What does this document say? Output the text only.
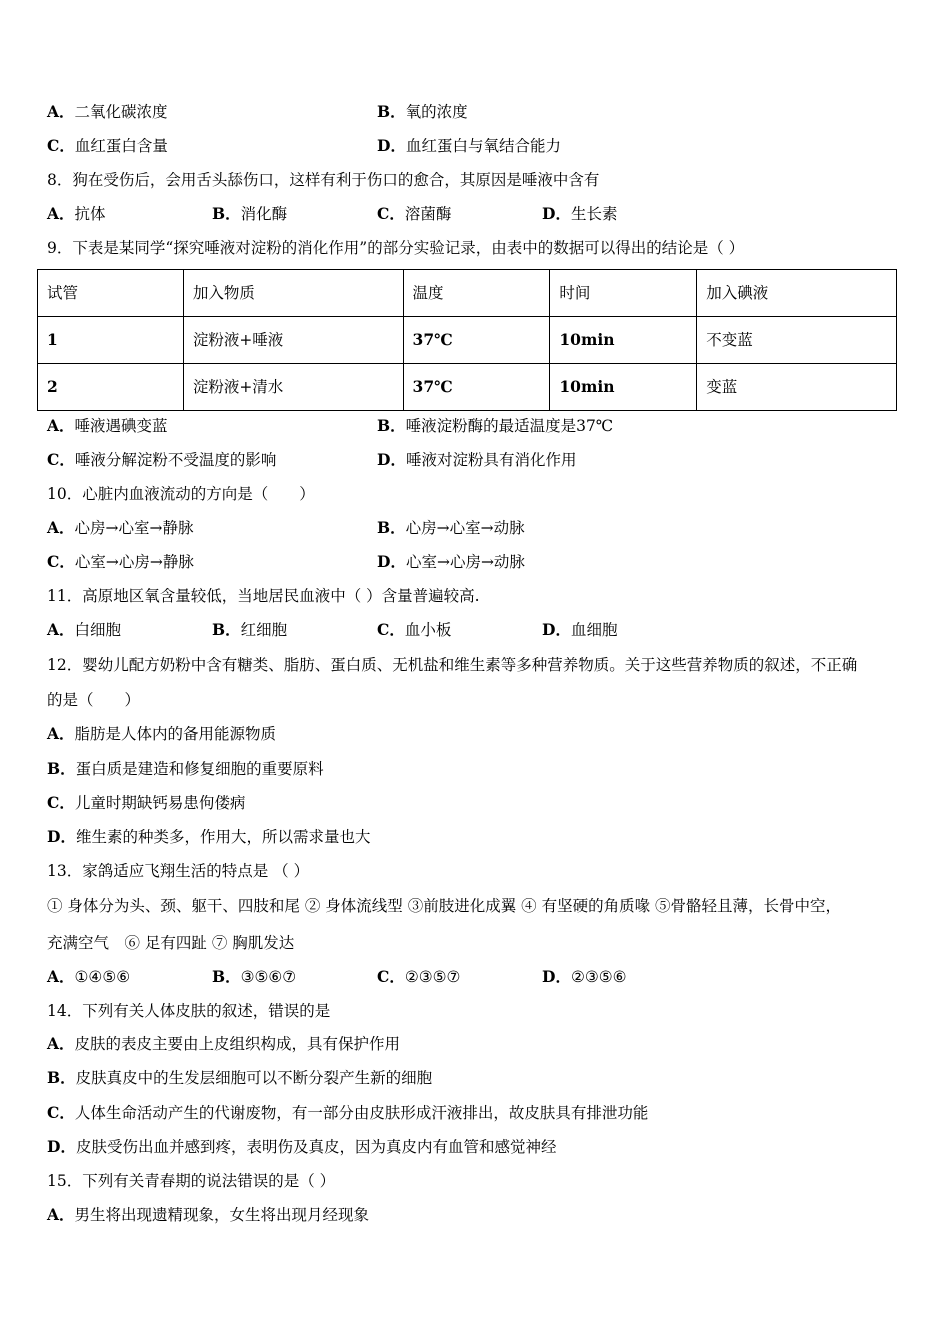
A．二氧化碳浓度	B．氧的浓度
C．血红蛋白含量	D．血红蛋白与氧结合能力
8．狗在受伤后，会用舌头舔伤口，这样有利于伤口的愈合，其原因是唾液中含有
A．抗体	B．消化酶	C．溶菌酶	D．生长素
9．下表是某同学“探究唾液对淀粉的消化作用”的部分实验记录，由表中的数据可以得出的结论是（ ）
试管	加入物质	温度	时间	加入碘液
1	淀粉液+唾液	37℃	10min	不变蓝
2	淀粉液+清水	37℃	10min	变蓝
A．唾液遇碘变蓝	B．唾液淀粉酶的最适温度是37℃
C．唾液分解淀粉不受温度的影响	D．唾液对淀粉具有消化作用
10．心脏内血液流动的方向是（　　）
A．心房→心室→静脉	B．心房→心室→动脉
C．心室→心房→静脉	D．心室→心房→动脉
11．高原地区氧含量较低，当地居民血液中（ ）含量普遍较高.
A．白细胞	B．红细胞	C．血小板	D．血细胞
12．婴幼儿配方奶粉中含有糖类、脂肪、蛋白质、无机盐和维生素等多种营养物质。关于这些营养物质的叙述，不正确
的是（　　）
A．脂肪是人体内的备用能源物质
B．蛋白质是建造和修复细胞的重要原料
C．儿童时期缺钙易患佝偻病
D．维生素的种类多，作用大，所以需求量也大
13．家鸽适应飞翔生活的特点是 （ ）
① 身体分为头、颈、躯干、四肢和尾 ② 身体流线型 ③前肢进化成翼 ④ 有坚硬的角质喙 ⑤骨骼轻且薄，长骨中空，
充满空气　⑥ 足有四趾 ⑦ 胸肌发达
A．①④⑤⑥	B．③⑤⑥⑦	C．②③⑤⑦	D．②③⑤⑥
14．下列有关人体皮肤的叙述，错误的是
A．皮肤的表皮主要由上皮组织构成，具有保护作用
B．皮肤真皮中的生发层细胞可以不断分裂产生新的细胞
C．人体生命活动产生的代谢废物，有一部分由皮肤形成汗液排出，故皮肤具有排泄功能
D．皮肤受伤出血并感到疼，表明伤及真皮，因为真皮内有血管和感觉神经
15．下列有关青春期的说法错误的是（ ）
A．男生将出现遗精现象，女生将出现月经现象
